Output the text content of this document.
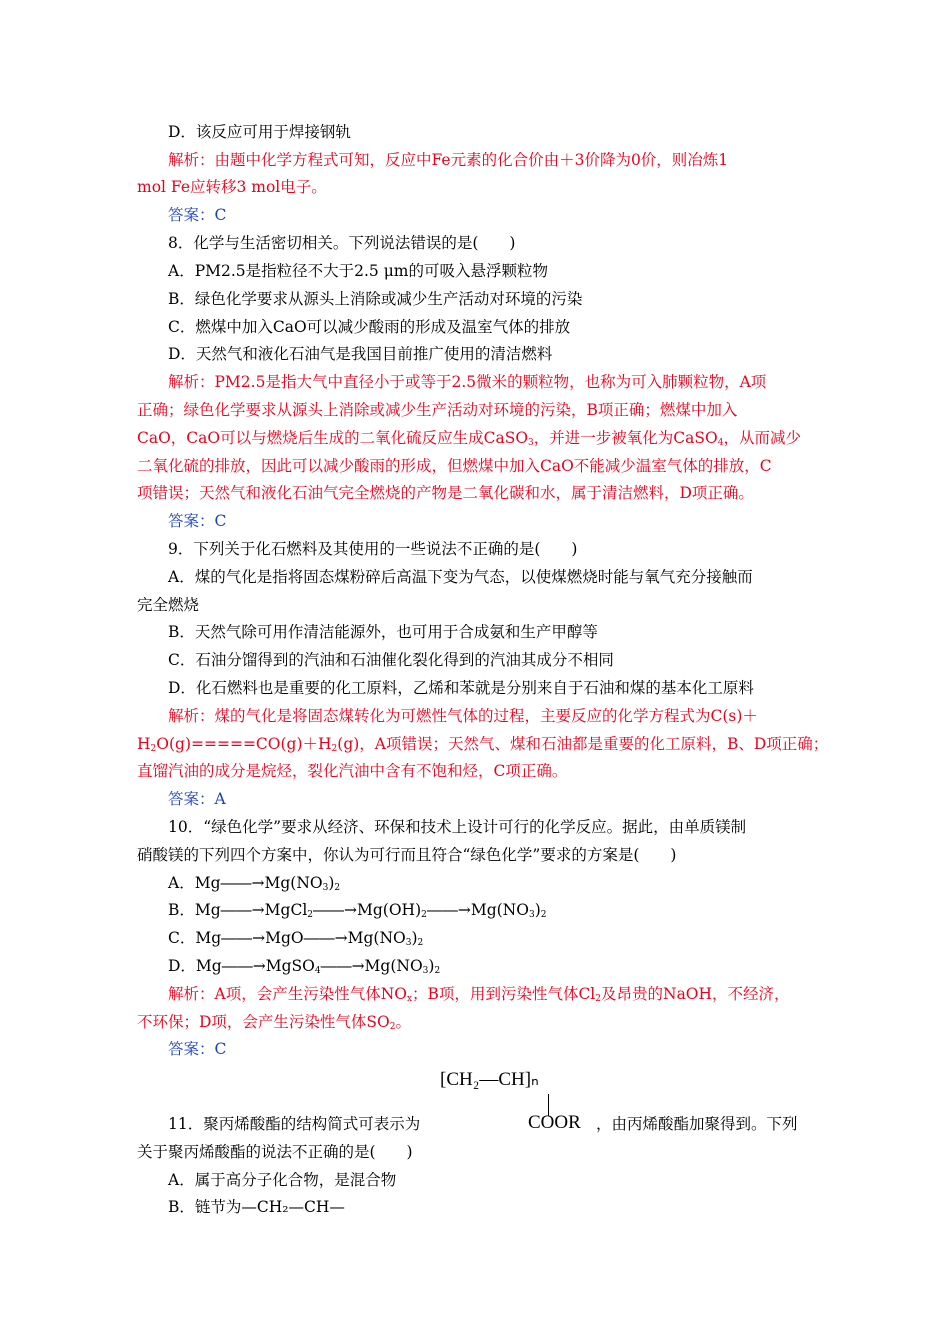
D．该反应可用于焊接钢轨
解析：由题中化学方程式可知，反应中Fe元素的化合价由＋3价降为0价，则冶炼1
mol Fe应转移3 mol电子。
答案：C
8．化学与生活密切相关。下列说法错误的是(　　)
A．PM2.5是指粒径不大于2.5 μm的可吸入悬浮颗粒物
B．绿色化学要求从源头上消除或减少生产活动对环境的污染
C．燃煤中加入CaO可以减少酸雨的形成及温室气体的排放
D．天然气和液化石油气是我国目前推广使用的清洁燃料
解析：PM2.5是指大气中直径小于或等于2.5微米的颗粒物，也称为可入肺颗粒物，A项
正确；绿色化学要求从源头上消除或减少生产活动对环境的污染，B项正确；燃煤中加入
CaO，CaO可以与燃烧后生成的二氧化硫反应生成CaSO$_3$，并进一步被氧化为CaSO$_4$，从而减少
二氧化硫的排放，因此可以减少酸雨的形成，但燃煤中加入CaO不能减少温室气体的排放，C
项错误；天然气和液化石油气完全燃烧的产物是二氧化碳和水，属于清洁燃料，D项正确。
答案：C
9．下列关于化石燃料及其使用的一些说法不正确的是(　　)
A．煤的气化是指将固态煤粉碎后高温下变为气态，以使煤燃烧时能与氧气充分接触而
完全燃烧
B．天然气除可用作清洁能源外，也可用于合成氨和生产甲醇等
C．石油分馏得到的汽油和石油催化裂化得到的汽油其成分不相同
D．化石燃料也是重要的化工原料，乙烯和苯就是分别来自于石油和煤的基本化工原料
解析：煤的气化是将固态煤转化为可燃性气体的过程，主要反应的化学方程式为C(s)＋
$H_2O(g)=====CO(g)+H_2(g)$，A项错误；天然气、煤和石油都是重要的化工原料，B、D项正确；
直馏汽油的成分是烷烃，裂化汽油中含有不饱和烃，C项正确。
答案：A
10．“绿色化学”要求从经济、环保和技术上设计可行的化学反应。据此，由单质镁制
硝酸镁的下列四个方案中，你认为可行而且符合“绿色化学”要求的方案是(　　)
A．$Mg――\to Mg(NO_3)_2$
B．$Mg――\to MgCl_2――\to Mg(OH)_2――\to Mg(NO_3)_2$
C．$Mg――\to MgO――\to Mg(NO_3)_2$
D．$Mg――\to MgSO_4――\to Mg(NO_3)_2$
解析：A项，会产生污染性气体$NO_x$；B项，用到污染性气体$Cl_2$及昂贵的NaOH，不经济，
不环保；D项，会产生污染性气体$SO_2$。
答案：C
[CH₂—CH]ₙ
COOR
11．聚丙烯酸酯的结构简式可表示为	，由丙烯酸酯加聚得到。下列
关于聚丙烯酸酯的说法不正确的是(　　)
A．属于高分子化合物，是混合物
B．链节为—CH₂—CH—
